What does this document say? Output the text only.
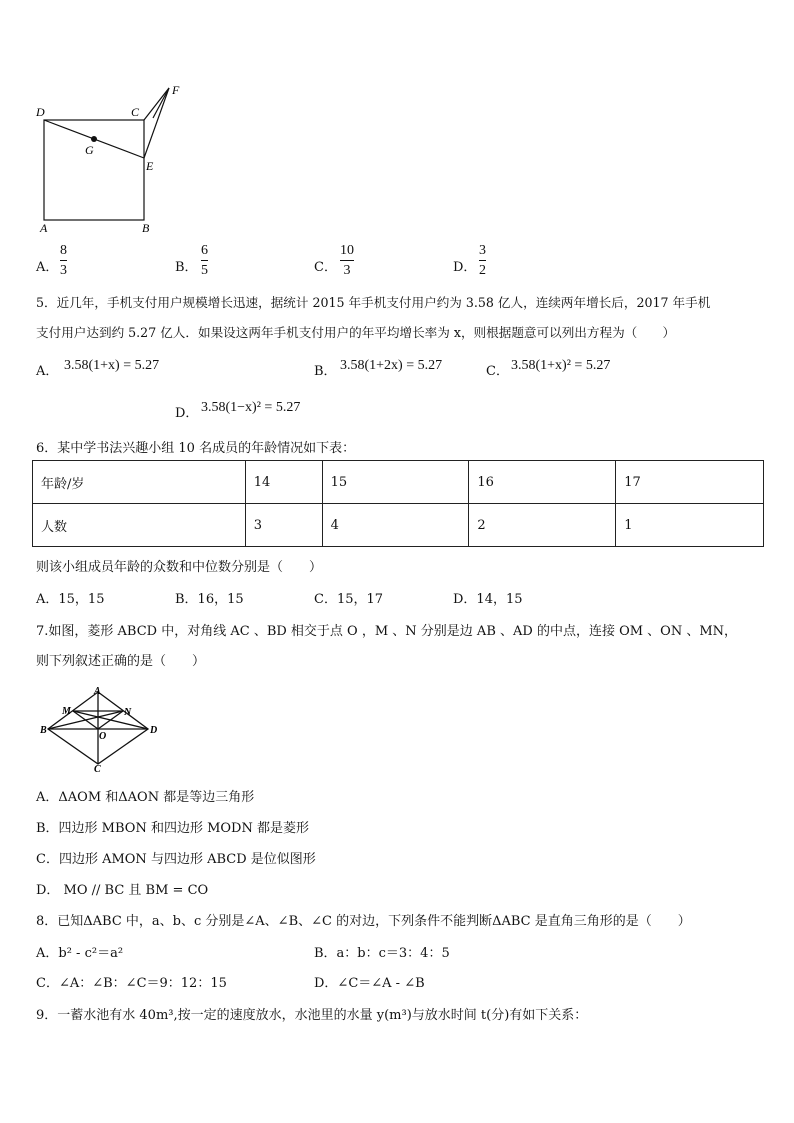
D	C
F
G
E
A	B
A．
8
3	B．
6
5	C．
10
3	D．
3
2
5．近几年，手机支付用户规模增长迅速，据统计 2015 年手机支付用户约为 3.58 亿人，连续两年增长后，2017 年手机
支付用户达到约 5.27 亿人．如果设这两年手机支付用户的年平均增长率为 x，则根据题意可以列出方程为（　　）
A． 3.58(1+x) = 5.27	B． 3.58(1+2x) = 5.27	C． 3.58(1+x)² = 5.27
D． 3.58(1−x)² = 5.27
6．某中学书法兴趣小组 10 名成员的年龄情况如下表：
年龄/岁	14	15	16	17
人数	3	4	2	1
则该小组成员年龄的众数和中位数分别是（　　）
A．15，15	B．16，15	C．15，17	D．14，15
7.如图，菱形 ABCD 中，对角线 AC 、BD 相交于点 O ，M 、N 分别是边 AB 、AD 的中点，连接 OM 、ON 、MN，
则下列叙述正确的是（　　）
A
M	N
B
O
D
C
A．ΔAOM 和ΔAON 都是等边三角形
B．四边形 MBON 和四边形 MODN 都是菱形
C．四边形 AMON 与四边形 ABCD 是位似图形
D． MO // BC 且 BM = CO
8．已知ΔABC 中，a、b、c 分别是∠A、∠B、∠C 的对边，下列条件不能判断ΔABC 是直角三角形的是（　　）
A．b² - c²＝a²	B．a：b：c＝3：4：5
C．∠A：∠B：∠C＝9：12：15	D．∠C＝∠A - ∠B
9．一蓄水池有水 40m³,按一定的速度放水，水池里的水量 y(m³)与放水时间 t(分)有如下关系：
